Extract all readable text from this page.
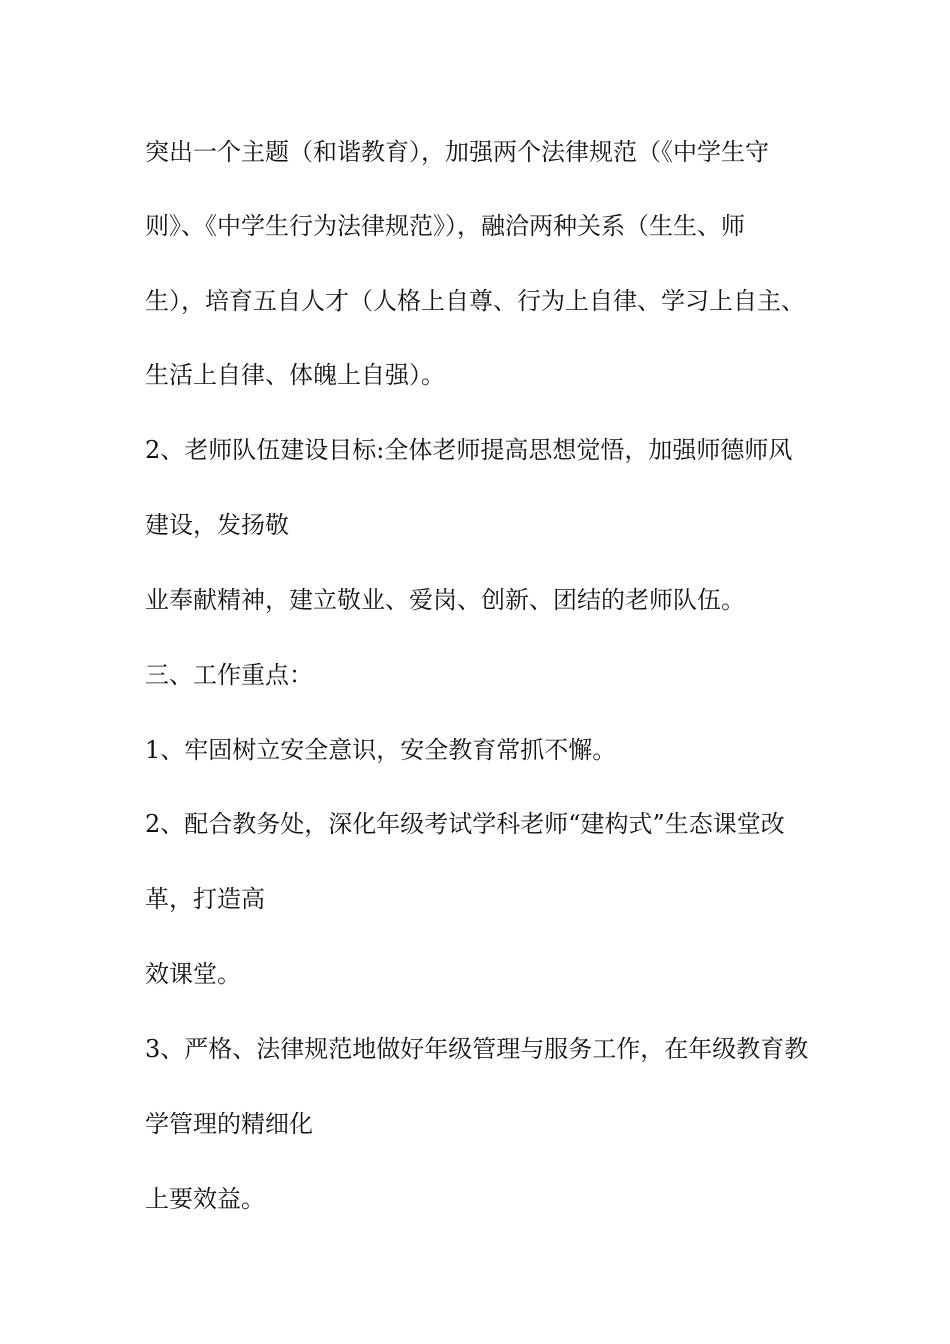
突出一个主题（和谐教育），加强两个法律规范（《中学生守

则》、《中学生行为法律规范》），融洽两种关系（生生、师

生），培育五自人才（人格上自尊、行为上自律、学习上自主、

生活上自律、体魄上自强）。

2、老师队伍建设目标:全体老师提高思想觉悟，加强师德师风

建设，发扬敬

业奉献精神，建立敬业、爱岗、创新、团结的老师队伍。

三、工作重点：

1、牢固树立安全意识，安全教育常抓不懈。

2、配合教务处，深化年级考试学科老师“建构式”生态课堂改

革，打造高

效课堂。

3、严格、法律规范地做好年级管理与服务工作，在年级教育教

学管理的精细化

上要效益。
